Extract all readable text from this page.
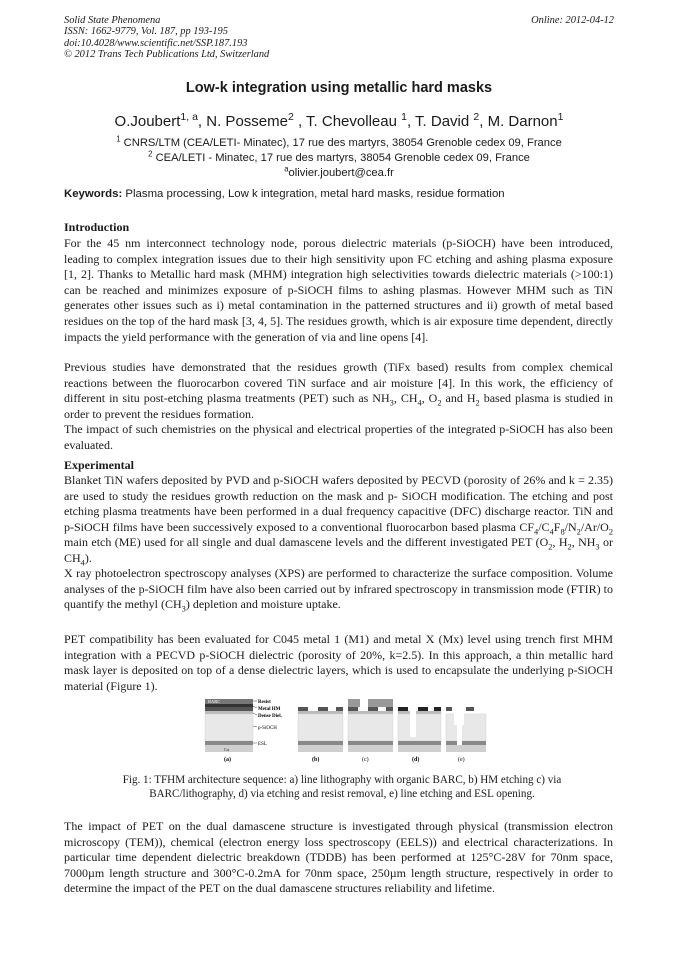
Solid State Phenomena
ISSN: 1662-9779, Vol. 187, pp 193-195
doi:10.4028/www.scientific.net/SSP.187.193
© 2012 Trans Tech Publications Ltd, Switzerland
Online: 2012-04-12
Low-k integration using metallic hard masks
O.Joubert$^{1, a}$, N. Posseme$^2$ , T. Chevolleau $^1$, T. David $^2$, M. Darnon$^1$
$^1$ CNRS/LTM (CEA/LETI- Minatec), 17 rue des martyrs, 38054 Grenoble cedex 09, France
$^2$ CEA/LETI - Minatec, 17 rue des martyrs, 38054 Grenoble cedex 09, France
$^a$olivier.joubert@cea.fr
Keywords: Plasma processing, Low k integration, metal hard masks, residue formation
Introduction
For the 45 nm interconnect technology node, porous dielectric materials (p-SiOCH) have been introduced, leading to complex integration issues due to their high sensitivity upon FC etching and ashing plasma exposure [1, 2]. Thanks to Metallic hard mask (MHM) integration high selectivities towards dielectric materials (>100:1) can be reached and minimizes exposure of p-SiOCH films to ashing plasmas. However MHM such as TiN generates other issues such as i) metal contamination in the patterned structures and ii) growth of metal based residues on the top of the hard mask [3, 4, 5]. The residues growth, which is air exposure time dependent, directly impacts the yield performance with the generation of via and line opens [4].
Previous studies have demonstrated that the residues growth (TiFx based) results from complex chemical reactions between the fluorocarbon covered TiN surface and air moisture [4]. In this work, the efficiency of different in situ post-etching plasma treatments (PET) such as $NH_3$, $CH_4$, $O_2$ and $H_2$ based plasma is studied in order to prevent the residues formation.
The impact of such chemistries on the physical and electrical properties of the integrated p-SiOCH has also been evaluated.
Experimental
Blanket TiN wafers deposited by PVD and p-SiOCH wafers deposited by PECVD (porosity of 26% and k = 2.35) are used to study the residues growth reduction on the mask and p- SiOCH modification. The etching and post etching plasma treatments have been performed in a dual frequency capacitive (DFC) discharge reactor. TiN and p-SiOCH films have been successively exposed to a conventional fluorocarbon based plasma $CF_4/C_4F_8/N_2/Ar/O_2$ main etch (ME) used for all single and dual damascene levels and the different investigated PET ($O_2$, $H_2$, $NH_3$ or $CH_4$).
X ray photoelectron spectroscopy analyses (XPS) are performed to characterize the surface composition. Volume analyses of the p-SiOCH film have also been carried out by infrared spectroscopy in transmission mode (FTIR) to quantify the methyl $(CH_3)$ depletion and moisture uptake.
PET compatibility has been evaluated for C045 metal 1 (M1) and metal X (Mx) level using trench first MHM integration with a PECVD p-SiOCH dielectric (porosity of 20%, k=2.5). In this approach, a thin metallic hard mask layer is deposited on top of a dense dielectric layers, which is used to encapsulate the underlying p-SiOCH material (Figure 1).
BARC
Cu
Resist
Metal HM
Dense Diel.
p-SiOCH
ESL
(a)	(b)	(c)	(d)	(e)
Fig. 1: TFHM architecture sequence: a) line lithography with organic BARC, b) HM etching c) via BARC/lithography, d) via etching and resist removal, e) line etching and ESL opening.
The impact of PET on the dual damascene structure is investigated through physical (transmission electron microscopy (TEM)), chemical (electron energy loss spectroscopy (EELS)) and electrical characterizations. In particular time dependent dielectric breakdown (TDDB) has been performed at 125°C-28V for 70nm space, 7000µm length structure and 300°C-0.2mA for 70nm space, 250µm length structure, respectively in order to determine the impact of the PET on the dual damascene structures reliability and lifetime.
